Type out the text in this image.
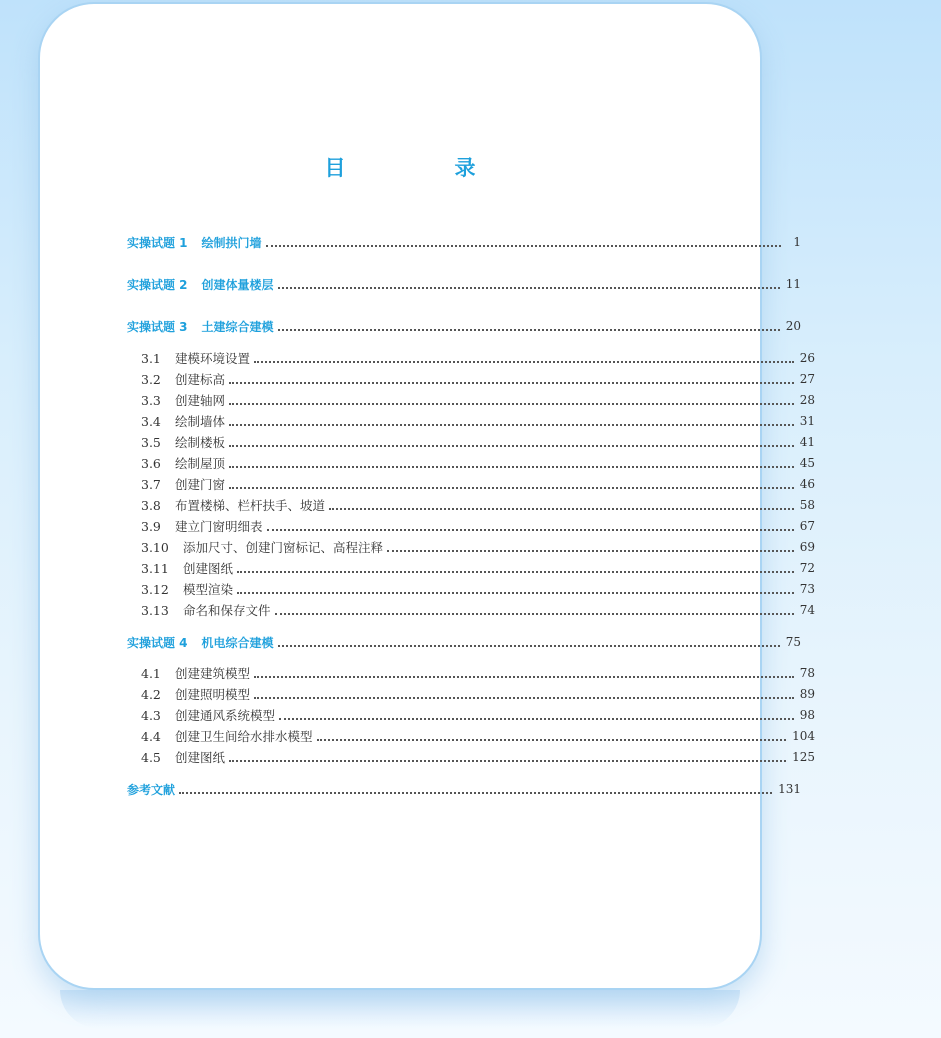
目　录
实操试题 1 绘制拱门墙	1
实操试题 2 创建体量楼层	11
实操试题 3 土建综合建模	20
3.1	建模环境设置	26
3.2	创建标高	27
3.3	创建轴网	28
3.4	绘制墙体	31
3.5	绘制楼板	41
3.6	绘制屋顶	45
3.7	创建门窗	46
3.8	布置楼梯、栏杆扶手、坡道	58
3.9	建立门窗明细表	67
3.10	添加尺寸、创建门窗标记、高程注释	69
3.11	创建图纸	72
3.12	模型渲染	73
3.13	命名和保存文件	74
实操试题 4 机电综合建模	75
4.1	创建建筑模型	78
4.2	创建照明模型	89
4.3	创建通风系统模型	98
4.4	创建卫生间给水排水模型	104
4.5	创建图纸	125
参考文献	131
